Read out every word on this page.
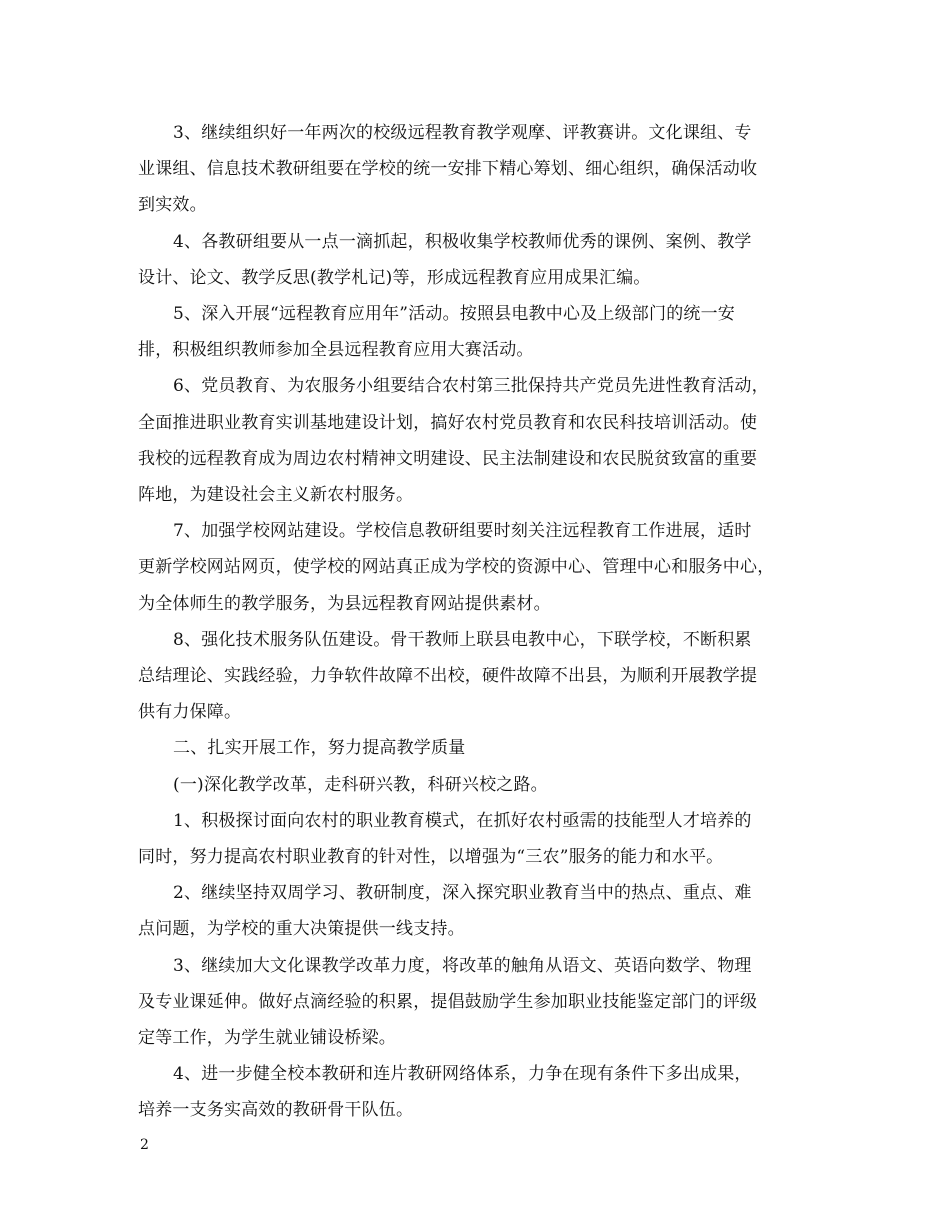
3、继续组织好一年两次的校级远程教育教学观摩、评教赛讲。文化课组、专
业课组、信息技术教研组要在学校的统一安排下精心筹划、细心组织，确保活动收
到实效。

4、各教研组要从一点一滴抓起，积极收集学校教师优秀的课例、案例、教学
设计、论文、教学反思(教学札记)等，形成远程教育应用成果汇编。

5、深入开展“远程教育应用年”活动。按照县电教中心及上级部门的统一安
排，积极组织教师参加全县远程教育应用大赛活动。

6、党员教育、为农服务小组要结合农村第三批保持共产党员先进性教育活动，
全面推进职业教育实训基地建设计划，搞好农村党员教育和农民科技培训活动。使
我校的远程教育成为周边农村精神文明建设、民主法制建设和农民脱贫致富的重要
阵地，为建设社会主义新农村服务。

7、加强学校网站建设。学校信息教研组要时刻关注远程教育工作进展，适时
更新学校网站网页，使学校的网站真正成为学校的资源中心、管理中心和服务中心，
为全体师生的教学服务，为县远程教育网站提供素材。

8、强化技术服务队伍建设。骨干教师上联县电教中心，下联学校，不断积累
总结理论、实践经验，力争软件故障不出校，硬件故障不出县，为顺利开展教学提
供有力保障。

二、扎实开展工作，努力提高教学质量

(一)深化教学改革，走科研兴教，科研兴校之路。

1、积极探讨面向农村的职业教育模式，在抓好农村亟需的技能型人才培养的
同时，努力提高农村职业教育的针对性，以增强为“三农”服务的能力和水平。

2、继续坚持双周学习、教研制度，深入探究职业教育当中的热点、重点、难
点问题，为学校的重大决策提供一线支持。

3、继续加大文化课教学改革力度，将改革的触角从语文、英语向数学、物理
及专业课延伸。做好点滴经验的积累，提倡鼓励学生参加职业技能鉴定部门的评级
定等工作，为学生就业铺设桥梁。

4、进一步健全校本教研和连片教研网络体系，力争在现有条件下多出成果，
培养一支务实高效的教研骨干队伍。

2
